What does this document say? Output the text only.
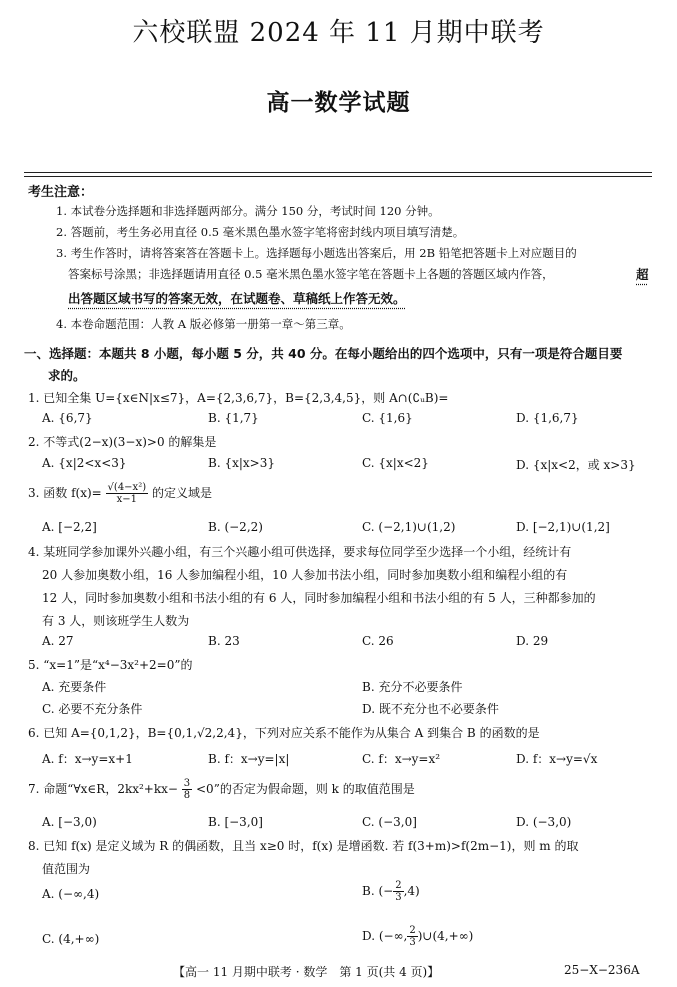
六校联盟 2024 年 11 月期中联考
高一数学试题
考生注意：
1. 本试卷分选择题和非选择题两部分。满分 150 分，考试时间 120 分钟。
2. 答题前，考生务必用直径 0.5 毫米黑色墨水签字笔将密封线内项目填写清楚。
3. 考生作答时，请将答案答在答题卡上。选择题每小题选出答案后，用 2B 铅笔把答题卡上对应题目的
答案标号涂黑；非选择题请用直径 0.5 毫米黑色墨水签字笔在答题卡上各题的答题区域内作答，	超
出答题区域书写的答案无效，在试题卷、草稿纸上作答无效。
4. 本卷命题范围：人教 A 版必修第一册第一章～第三章。
一、选择题：本题共 8 小题，每小题 5 分，共 40 分。在每小题给出的四个选项中，只有一项是符合题目要
求的。
1. 已知全集 U={x∈N|x≤7}，A={2,3,6,7}，B={2,3,4,5}，则 A∩(∁ᵤB)=
A. {6,7}	B. {1,7}	C. {1,6}	D. {1,6,7}
2. 不等式(2−x)(3−x)>0 的解集是
A. {x|2<x<3}	B. {x|x>3}	C. {x|x<2}	D. {x|x<2，或 x>3}
3. 函数 $f(x)= \frac{\text{√(4−x²)}}{x-1}$ 的定义域是
A. [−2,2]	B. (−2,2)	C. (−2,1)∪(1,2)	D. [−2,1)∪(1,2]
4. 某班同学参加课外兴趣小组，有三个兴趣小组可供选择，要求每位同学至少选择一个小组，经统计有
20 人参加奥数小组，16 人参加编程小组，10 人参加书法小组，同时参加奥数小组和编程小组的有
12 人，同时参加奥数小组和书法小组的有 6 人，同时参加编程小组和书法小组的有 5 人，三种都参加的
有 3 人，则该班学生人数为
A. 27	B. 23	C. 26	D. 29
5. “x=1”是“x⁴−3x²+2=0”的
A. 充要条件	B. 充分不必要条件
C. 必要不充分条件	D. 既不充分也不必要条件
6. 已知 A={0,1,2}，B={0,1,√2,2,4}，下列对应关系不能作为从集合 A 到集合 B 的函数的是
A. f：x→y=x+1	B. f：x→y=|x|	C. f：x→y=x²	D. f：x→y=√x
7. 命题“∀x∈R，$2kx^2+kx- \frac{3}{8} <0$”的否定为假命题，则 k 的取值范围是
A. [−3,0)	B. [−3,0]	C. (−3,0]	D. (−3,0)
8. 已知 f(x) 是定义域为 R 的偶函数，且当 x≥0 时，f(x) 是增函数. 若 f(3+m)>f(2m−1)，则 m 的取
值范围为
A. (−∞,4)	B. (− $\frac{2}{3} ,4$)
C. (4,+∞)	D. (−∞, $\frac{2}{3}$ )∪(4,+∞)
【高一 11 月期中联考 · 数学　第 1 页(共 4 页)】	25−X−236A
